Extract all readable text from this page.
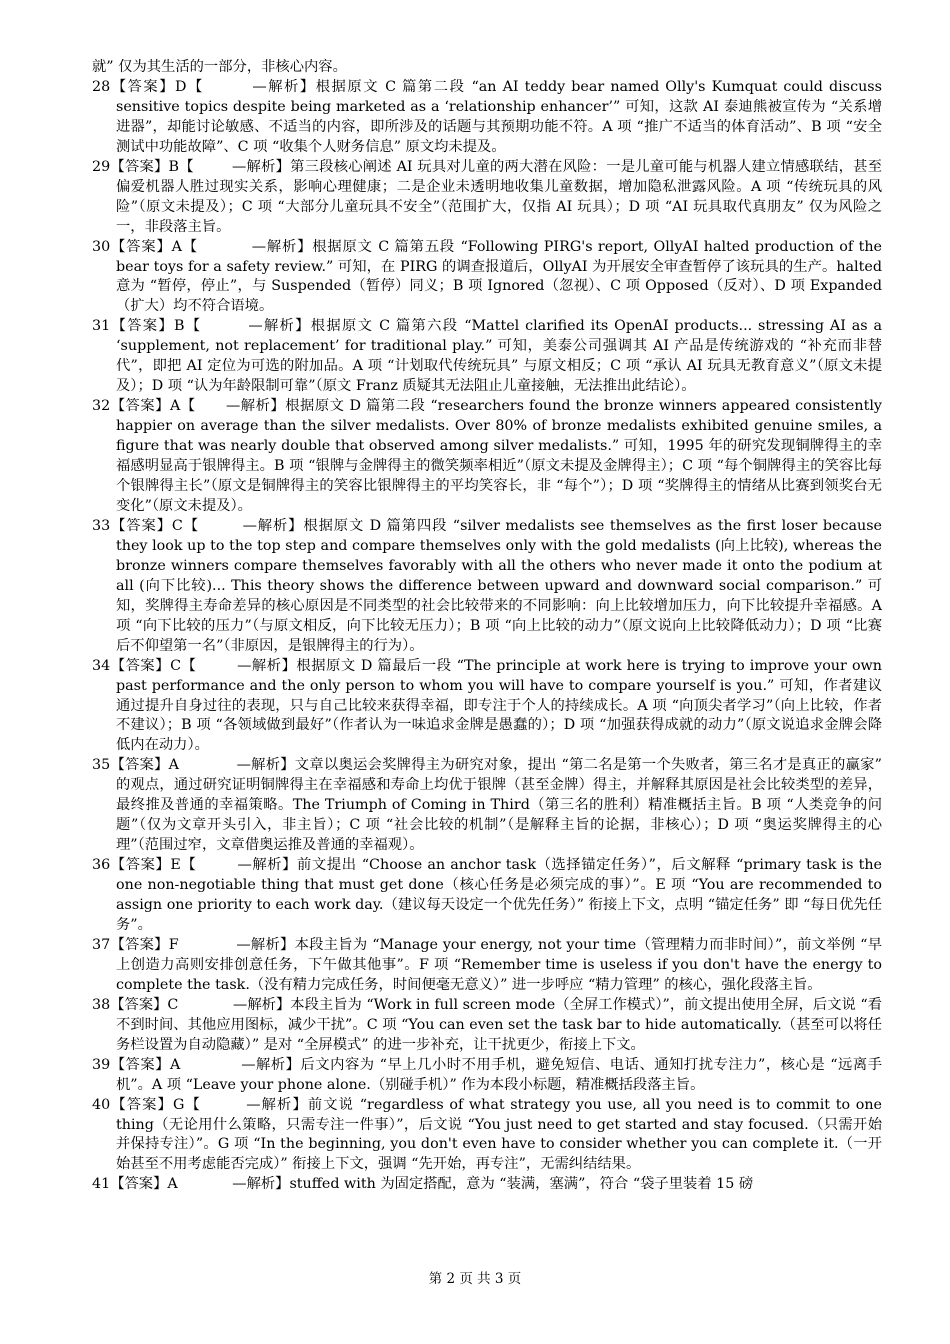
就” 仅为其生活的一部分，非核心内容。

28【答案】D【	—解析】根据原文 C 篇第二段 “an AI teddy bear named Olly's Kumquat could discuss sensitive topics despite being marketed as a ‘relationship enhancer’” 可知，这款 AI 泰迪熊被宣传为 “关系增进器”，却能讨论敏感、不适当的内容，即所涉及的话题与其预期功能不符。A 项 “推广不适当的体育活动”、B 项 “安全测试中功能故障”、C 项 “收集个人财务信息” 原文均未提及。

29【答案】B【	—解析】第三段核心阐述 AI 玩具对儿童的两大潜在风险：一是儿童可能与机器人建立情感联结，甚至偏爱机器人胜过现实关系，影响心理健康；二是企业未透明地收集儿童数据，增加隐私泄露风险。A 项 “传统玩具的风险”（原文未提及）；C 项 “大部分儿童玩具不安全”（范围扩大，仅指 AI 玩具）；D 项 “AI 玩具取代真朋友” 仅为风险之一，非段落主旨。

30【答案】A【	—解析】根据原文 C 篇第五段 “Following PIRG's report, OllyAI halted production of the bear toys for a safety review.” 可知，在 PIRG 的调查报道后，OllyAI 为开展安全审查暂停了该玩具的生产。halted 意为 “暂停，停止”，与 Suspended（暂停）同义；B 项 Ignored（忽视）、C 项 Opposed（反对）、D 项 Expanded（扩大）均不符合语境。

31【答案】B【	—解析】根据原文 C 篇第六段 “Mattel clarified its OpenAI products... stressing AI as a ‘supplement, not replacement’ for traditional play.” 可知，美泰公司强调其 AI 产品是传统游戏的 “补充而非替代”，即把 AI 定位为可选的附加品。A 项 “计划取代传统玩具” 与原文相反；C 项 “承认 AI 玩具无教育意义”（原文未提及）；D 项 “认为年龄限制可靠”（原文 Franz 质疑其无法阻止儿童接触，无法推出此结论）。

32【答案】A【 —解析】根据原文 D 篇第二段 “researchers found the bronze winners appeared consistently happier on average than the silver medalists. Over 80% of bronze medalists exhibited genuine smiles, a figure that was nearly double that observed among silver medalists.” 可知，1995 年的研究发现铜牌得主的幸福感明显高于银牌得主。B 项 “银牌与金牌得主的微笑频率相近”（原文未提及金牌得主）；C 项 “每个铜牌得主的笑容比每个银牌得主长”（原文是铜牌得主的笑容比银牌得主的平均笑容长，非 “每个”）；D 项 “奖牌得主的情绪从比赛到领奖台无变化”（原文未提及）。

33【答案】C【	—解析】根据原文 D 篇第四段 “silver medalists see themselves as the first loser because they look up to the top step and compare themselves only with the gold medalists (向上比较), whereas the bronze winners compare themselves favorably with all the others who never made it onto the podium at all (向下比较)... This theory shows the difference between upward and downward social comparison.” 可知，奖牌得主寿命差异的核心原因是不同类型的社会比较带来的不同影响：向上比较增加压力，向下比较提升幸福感。A 项 “向下比较的压力”（与原文相反，向下比较无压力）；B 项 “向上比较的动力”（原文说向上比较降低动力）；D 项 “比赛后不仰望第一名”（非原因，是银牌得主的行为）。

34【答案】C【	—解析】根据原文 D 篇最后一段 “The principle at work here is trying to improve your own past performance and the only person to whom you will have to compare yourself is you.” 可知，作者建议通过提升自身过往的表现，只与自己比较来获得幸福，即专注于个人的持续成长。A 项 “向顶尖者学习”（向上比较，作者不建议）；B 项 “各领域做到最好”（作者认为一味追求金牌是愚蠢的）；D 项 “加强获得成就的动力”（原文说追求金牌会降低内在动力）。

35【答案】A	—解析】文章以奥运会奖牌得主为研究对象，提出 “第二名是第一个失败者，第三名才是真正的赢家” 的观点，通过研究证明铜牌得主在幸福感和寿命上均优于银牌（甚至金牌）得主，并解释其原因是社会比较类型的差异，最终推及普通的幸福策略。The Triumph of Coming in Third（第三名的胜利）精准概括主旨。B 项 “人类竞争的问题”（仅为文章开头引入，非主旨）；C 项 “社会比较的机制”（是解释主旨的论据，非核心）；D 项 “奥运奖牌得主的心理”（范围过窄，文章借奥运推及普通的幸福观）。

36【答案】E【	—解析】前文提出 “Choose an anchor task（选择锚定任务）”，后文解释 “primary task is the one non-negotiable thing that must get done（核心任务是必须完成的事）”。E 项 “You are recommended to assign one priority to each work day.（建议每天设定一个优先任务）” 衔接上下文，点明 “锚定任务” 即 “每日优先任务”。

37【答案】F	—解析】本段主旨为 “Manage your energy, not your time（管理精力而非时间）”，前文举例 “早上创造力高则安排创意任务，下午做其他事”。F 项 “Remember time is useless if you don't have the energy to complete the task.（没有精力完成任务，时间便毫无意义）” 进一步呼应 “精力管理” 的核心，强化段落主旨。

38【答案】C	—解析】本段主旨为 “Work in full screen mode（全屏工作模式）”，前文提出使用全屏，后文说 “看不到时间、其他应用图标，减少干扰”。C 项 “You can even set the task bar to hide automatically.（甚至可以将任务栏设置为自动隐藏）” 是对 “全屏模式” 的进一步补充，让干扰更少，衔接上下文。

39【答案】A	—解析】后文内容为 “早上几小时不用手机，避免短信、电话、通知打扰专注力”，核心是 “远离手机”。A 项 “Leave your phone alone.（别碰手机）” 作为本段小标题，精准概括段落主旨。

40【答案】G【	—解析】前文说 “regardless of what strategy you use, all you need is to commit to one thing（无论用什么策略，只需专注一件事）”，后文说 “You just need to get started and stay focused.（只需开始并保持专注）”。G 项 “In the beginning, you don't even have to consider whether you can complete it.（一开始甚至不用考虑能否完成）” 衔接上下文，强调 “先开始，再专注”，无需纠结结果。

41【答案】A	—解析】stuffed with 为固定搭配，意为 “装满，塞满”，符合 “袋子里装着 15 磅

第 2 页 共 3 页
